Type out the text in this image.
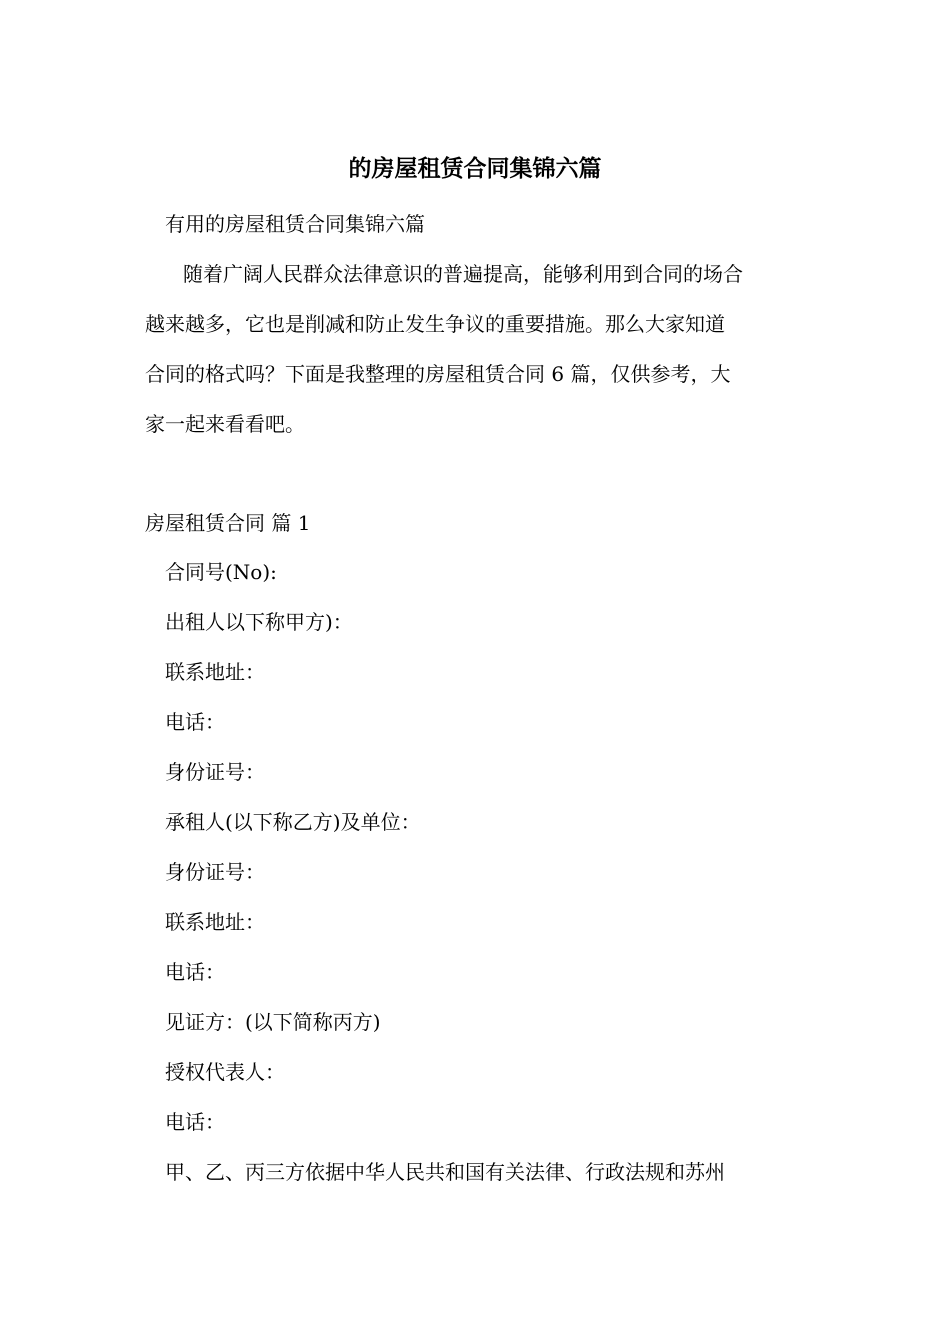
的房屋租赁合同集锦六篇
有用的房屋租赁合同集锦六篇
随着广阔人民群众法律意识的普遍提高，能够利用到合同的场合
越来越多，它也是削减和防止发生争议的重要措施。那么大家知道
合同的格式吗？下面是我整理的房屋租赁合同 6 篇，仅供参考，大
家一起来看看吧。
房屋租赁合同 篇 1
合同号(No):
出租人以下称甲方)：
联系地址：
电话：
身份证号：
承租人(以下称乙方)及单位：
身份证号：
联系地址：
电话：
见证方：(以下简称丙方)
授权代表人：
电话：
甲、乙、丙三方依据中华人民共和国有关法律、行政法规和苏州
